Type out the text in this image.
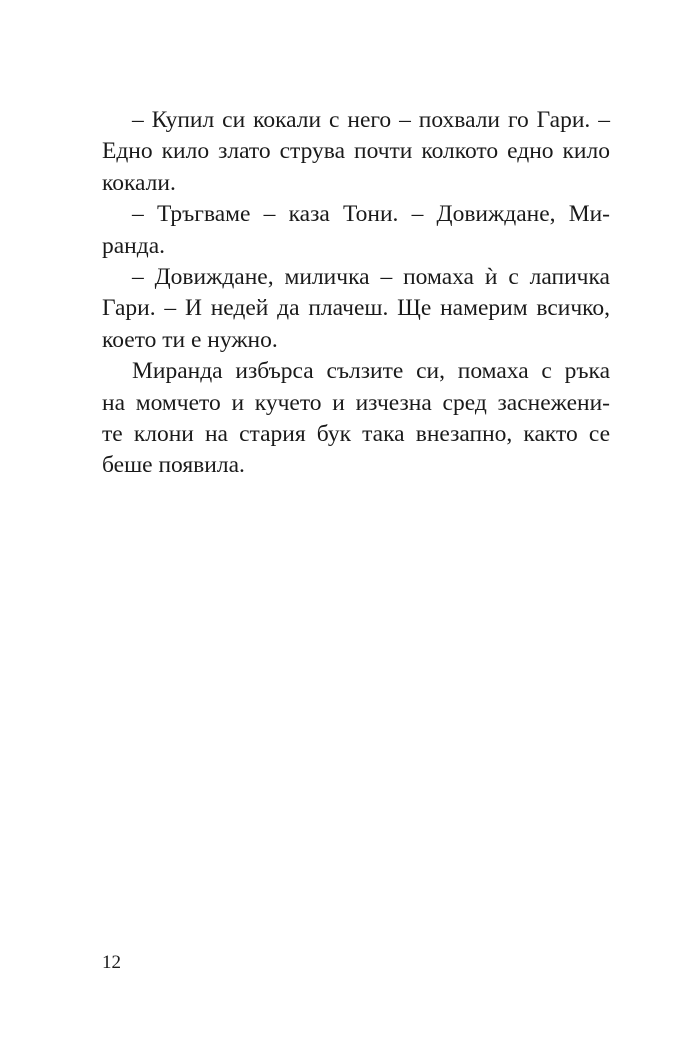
– Купил си кокали с него – похвали го Гари. –
Едно кило злато струва почти колкото едно кило
кокали.

– Тръгваме – каза Тони. – Довиждане, Ми-
ранда.

– Довиждане, миличка – помаха ѝ с лапичка
Гари. – И недей да плачеш. Ще намерим всичко,
което ти е нужно.

Миранда избърса сълзите си, помаха с ръка
на момчето и кучето и изчезна сред заснежени-
те клони на стария бук така внезапно, както се
беше появила.

12
